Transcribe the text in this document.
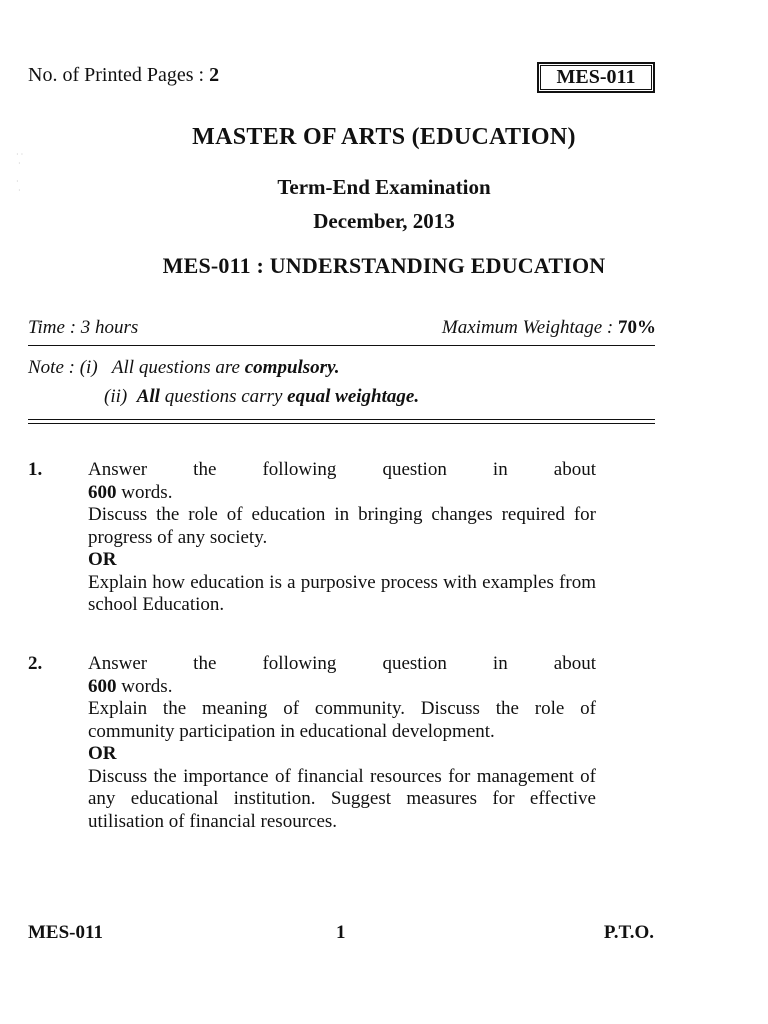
· ·
·

·
·
No. of Printed Pages : 2	MES-011
MASTER OF ARTS (EDUCATION)
Term-End Examination
December, 2013
MES-011 : UNDERSTANDING EDUCATION
Time : 3 hours	Maximum Weightage : 70%
Note : (i) All questions are compulsory.
(ii) All questions carry equal weightage.
1. Answer the following question in about

600 words.

Discuss the role of education in bringing changes required for progress of any society.

OR

Explain how education is a purposive process with examples from school Education.

2. Answer the following question in about

600 words.

Explain the meaning of community. Discuss the role of community participation in educational development.

OR

Discuss the importance of financial resources for management of any educational institution. Suggest measures for effective utilisation of financial resources.

MES-011	1	P.T.O.
